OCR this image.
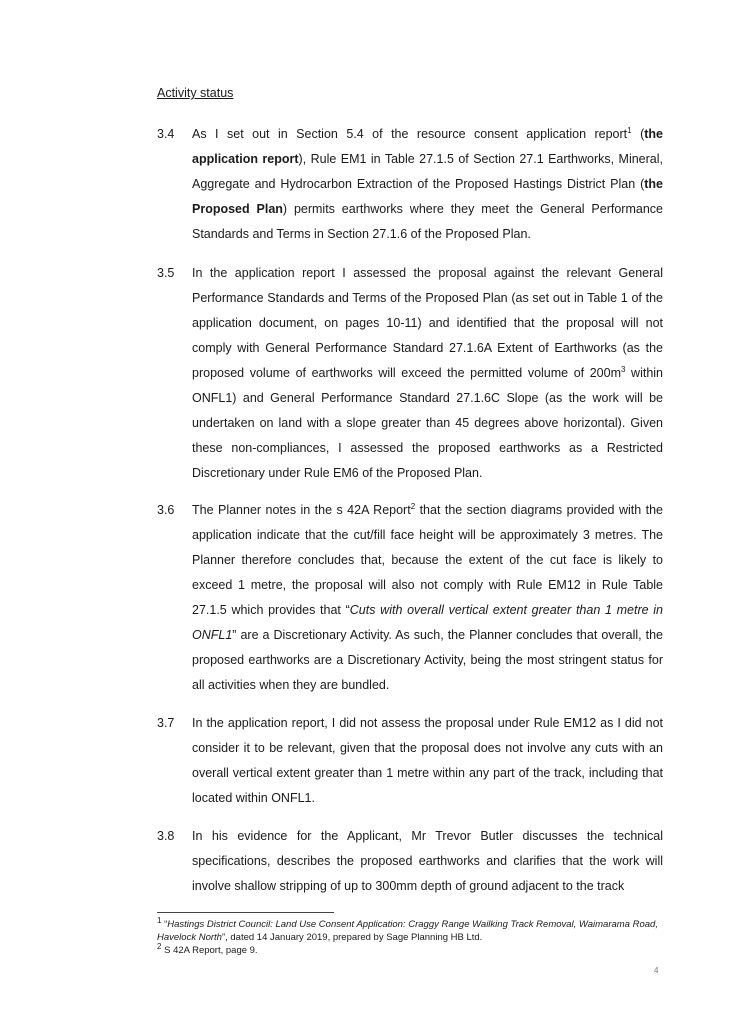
Activity status
3.4	As I set out in Section 5.4 of the resource consent application report$^1$ (the application report), Rule EM1 in Table 27.1.5 of Section 27.1 Earthworks, Mineral, Aggregate and Hydrocarbon Extraction of the Proposed Hastings District Plan (the Proposed Plan) permits earthworks where they meet the General Performance Standards and Terms in Section 27.1.6 of the Proposed Plan.
3.5	In the application report I assessed the proposal against the relevant General Performance Standards and Terms of the Proposed Plan (as set out in Table 1 of the application document, on pages 10-11) and identified that the proposal will not comply with General Performance Standard 27.1.6A Extent of Earthworks (as the proposed volume of earthworks will exceed the permitted volume of $200m^3$ within ONFL1) and General Performance Standard 27.1.6C Slope (as the work will be undertaken on land with a slope greater than 45 degrees above horizontal). Given these non-compliances, I assessed the proposed earthworks as a Restricted Discretionary under Rule EM6 of the Proposed Plan.
3.6	The Planner notes in the s 42A Report$^2$ that the section diagrams provided with the application indicate that the cut/fill face height will be approximately 3 metres. The Planner therefore concludes that, because the extent of the cut face is likely to exceed 1 metre, the proposal will also not comply with Rule EM12 in Rule Table 27.1.5 which provides that “Cuts with overall vertical extent greater than 1 metre in ONFL1” are a Discretionary Activity. As such, the Planner concludes that overall, the proposed earthworks are a Discretionary Activity, being the most stringent status for all activities when they are bundled.
3.7	In the application report, I did not assess the proposal under Rule EM12 as I did not consider it to be relevant, given that the proposal does not involve any cuts with an overall vertical extent greater than 1 metre within any part of the track, including that located within ONFL1.
3.8	In his evidence for the Applicant, Mr Trevor Butler discusses the technical specifications, describes the proposed earthworks and clarifies that the work will involve shallow stripping of up to 300mm depth of ground adjacent to the track

$^1$ “Hastings District Council: Land Use Consent Application: Craggy Range Wailking Track Removal, Waimarama Road, Havelock North”, dated 14 January 2019, prepared by Sage Planning HB Ltd.

$^2$ S 42A Report, page 9.

4
